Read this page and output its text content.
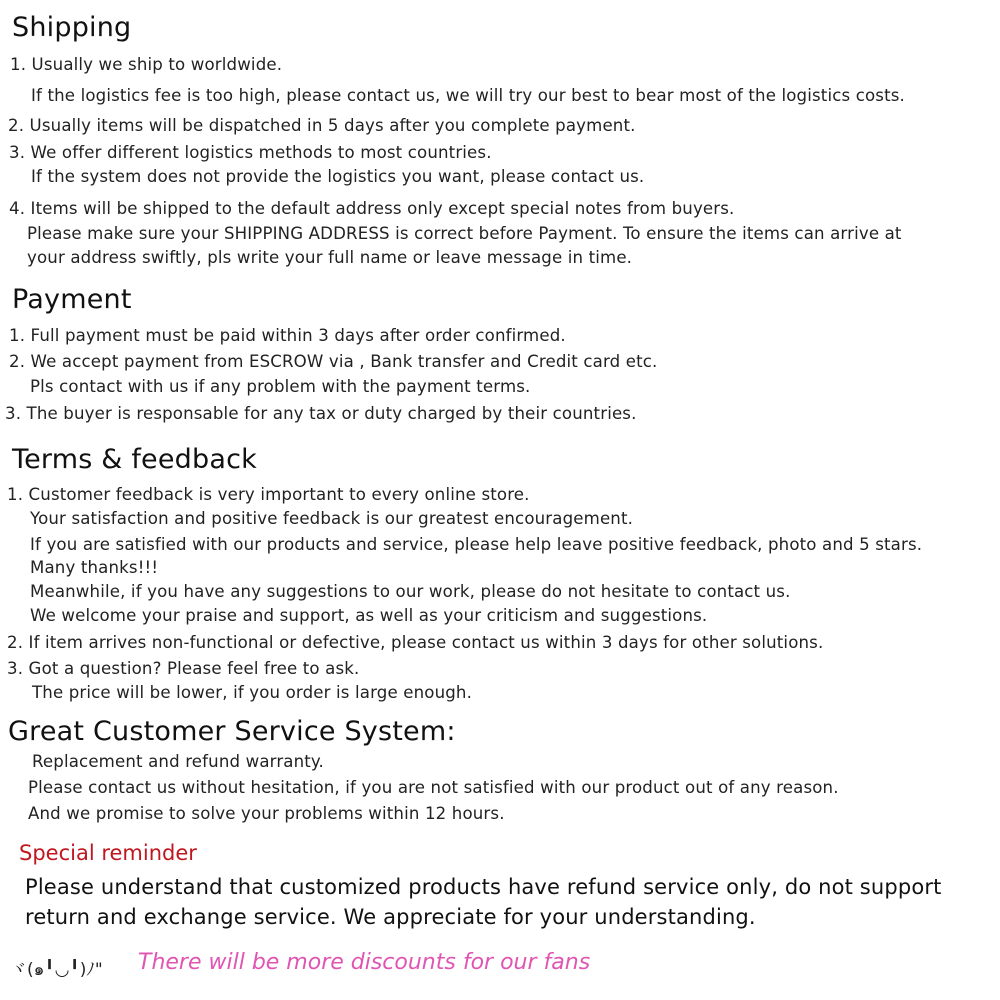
Shipping
1. Usually we ship to worldwide.
If the logistics fee is too high, please contact us, we will try our best to bear most of the logistics costs.
2. Usually items will be dispatched in 5 days after you complete payment.
3. We offer different logistics methods to most countries.
If the system does not provide the logistics you want, please contact us.
4. Items will be shipped to the default address only except special notes from buyers.
Please make sure your SHIPPING ADDRESS is correct before Payment. To ensure the items can arrive at
your address swiftly, pls write your full name or leave message in time.
Payment
1. Full payment must be paid within 3 days after order confirmed.
2. We accept payment from ESCROW via , Bank transfer and Credit card etc.
Pls contact with us if any problem with the payment terms.
3. The buyer is responsable for any tax or duty charged by their countries.
Terms & feedback
1. Customer feedback is very important to every online store.
Your satisfaction and positive feedback is our greatest encouragement.
If you are satisfied with our products and service, please help leave positive feedback, photo and 5 stars.
Many thanks!!!
Meanwhile, if you have any suggestions to our work, please do not hesitate to contact us.
We welcome your praise and support, as well as your criticism and suggestions.
2. If item arrives non-functional or defective, please contact us within 3 days for other solutions.
3. Got a question? Please feel free to ask.
The price will be lower, if you order is large enough.
Great Customer Service System:
Replacement and refund warranty.
Please contact us without hesitation, if you are not satisfied with our product out of any reason.
And we promise to solve your problems within 12 hours.
Special reminder
Please understand that customized products have refund service only, do not support
return and exchange service. We appreciate for your understanding.
ヾ(๑╹◡╹)ﾉ" There will be more discounts for our fans
